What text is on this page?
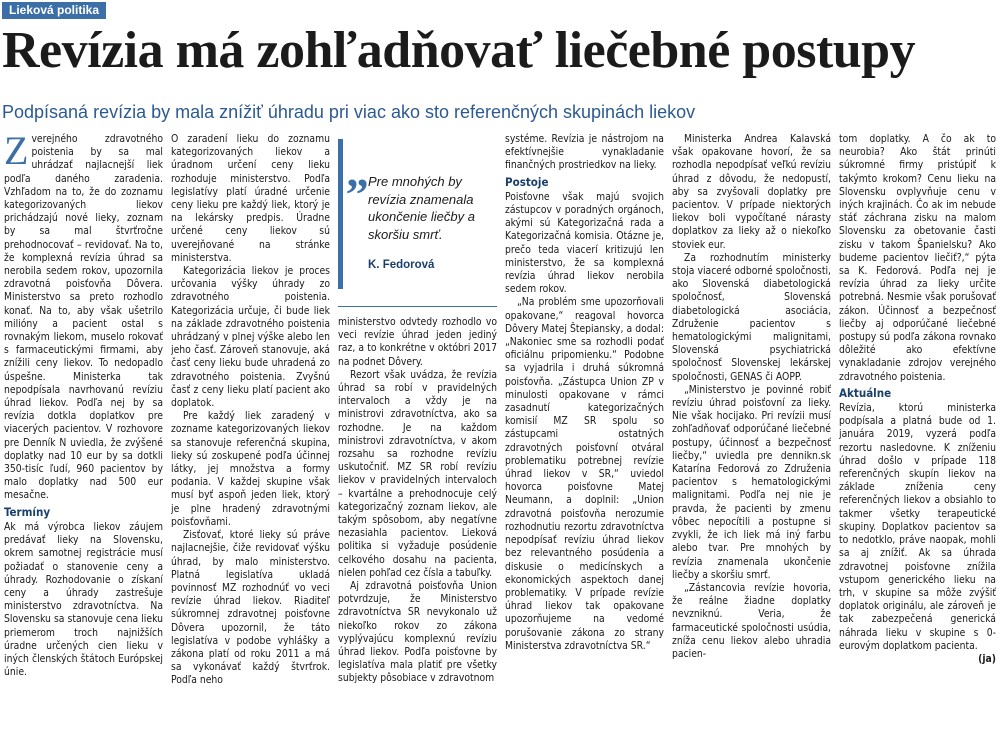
Lieková politika
Revízia má zohľadňovať liečebné postupy
Podpísaná revízia by mala znížiť úhradu pri viac ako sto referenčných skupinách liekov
Z verejného zdravotného poistenia by sa mal uhrádzať najlacnejší liek podľa daného zaradenia. Vzhľadom na to, že do zoznamu kategorizovaných liekov prichádzajú nové lieky, zoznam by sa mal štvrťročne prehodnocovať – revidovať. Na to, že komplexná revízia úhrad sa nerobila sedem rokov, upozornila zdravotná poisťovňa Dôvera. Ministerstvo sa preto rozhodlo konať. Na to, aby však ušetrilo milióny a pacient ostal s rovnakým liekom, muselo rokovať s farmaceutickými firmami, aby znížili ceny liekov. To nedopadlo úspešne. Ministerka tak nepodpísala navrhovanú revíziu úhrad liekov. Podľa nej by sa revízia dotkla doplatkov pre viacerých pacientov. V rozhovore pre Denník N uviedla, že zvýšené doplatky nad 10 eur by sa dotkli 350-tisíc ľudí, 960 pacientov by malo doplatky nad 500 eur mesačne.

Termíny

Ak má výrobca liekov záujem predávať lieky na Slovensku, okrem samotnej registrácie musí požiadať o stanovenie ceny a úhrady. Rozhodovanie o získaní ceny a úhrady zastrešuje ministerstvo zdravotníctva. Na Slovensku sa stanovuje cena lieku priemerom troch najnižších úradne určených cien lieku v iných členských štátoch Európskej únie.

O zaradení lieku do zoznamu kategorizovaných liekov a úradnom určení ceny lieku rozhoduje ministerstvo. Podľa legislatívy platí úradné určenie ceny lieku pre každý liek, ktorý je na lekársky predpis. Úradne určené ceny liekov sú uverejňované na stránke ministerstva.

Kategorizácia liekov je proces určovania výšky úhrady zo zdravotného poistenia. Kategorizácia určuje, či bude liek na základe zdravotného poistenia uhrádzaný v plnej výške alebo len jeho časť. Zároveň stanovuje, aká časť ceny lieku bude uhradená zo zdravotného poistenia. Zvyšnú časť z ceny lieku platí pacient ako doplatok.

Pre každý liek zaradený v zozname kategorizovaných liekov sa stanovuje referenčná skupina, lieky sú zoskupené podľa účinnej látky, jej množstva a formy podania. V každej skupine však musí byť aspoň jeden liek, ktorý je plne hradený zdravotnými poisťovňami.

Zisťovať, ktoré lieky sú práve najlacnejšie, čiže revidovať výšku úhrad, by malo ministerstvo. Platná legislatíva ukladá povinnosť MZ rozhodnúť vo veci revízie úhrad liekov. Riaditeľ súkromnej zdravotnej poisťovne Dôvera upozornil, že táto legislatíva v podobe vyhlášky a zákona platí od roku 2011 a má sa vykonávať každý štvrťrok. Podľa neho

„ Pre mnohých by revízia znamenala ukončenie liečby a skoršiu smrť.
K. Fedorová

ministerstvo odvtedy rozhodlo vo veci revízie úhrad jeden jediný raz, a to konkrétne v októbri 2017 na podnet Dôvery.

Rezort však uvádza, že revízia úhrad sa robí v pravidelných intervaloch a vždy je na ministrovi zdravotníctva, ako sa rozhodne. Je na každom ministrovi zdravotníctva, v akom rozsahu sa rozhodne revíziu uskutočniť. MZ SR robí revíziu liekov v pravidelných intervaloch – kvartálne a prehodnocuje celý kategorizačný zoznam liekov, ale takým spôsobom, aby negatívne nezasiahla pacientov. Lieková politika si vyžaduje posúdenie celkového dosahu na pacienta, nielen pohľad cez čísla a tabuľky.

Aj zdravotná poisťovňa Union potvrdzuje, že Ministerstvo zdravotníctva SR nevykonalo už niekoľko rokov zo zákona vyplývajúcu komplexnú revíziu úhrad liekov. Podľa poisťovne by legislatíva mala platiť pre všetky subjekty pôsobiace v zdravotnom

systéme. Revízia je nástrojom na efektívnejšie vynakladanie finančných prostriedkov na lieky.

Postoje

Poisťovne však majú svojich zástupcov v poradných orgánoch, akými sú Kategorizačná rada a Kategorizačná komisia. Otázne je, prečo teda viacerí kritizujú len ministerstvo, že sa komplexná revízia úhrad liekov nerobila sedem rokov.

„Na problém sme upozorňovali opakovane,“ reagoval hovorca Dôvery Matej Štepiansky, a dodal: „Nakoniec sme sa rozhodli podať oficiálnu pripomienku.“ Podobne sa vyjadrila i druhá súkromná poisťovňa. „Zástupca Union ZP v minulosti opakovane v rámci zasadnutí kategorizačných komisií MZ SR spolu so zástupcami ostatných zdravotných poisťovní otváral problematiku potrebnej revízie úhrad liekov v SR,“ uviedol hovorca poisťovne Matej Neumann, a doplnil: „Union zdravotná poisťovňa nerozumie rozhodnutiu rezortu zdravotníctva nepodpísať revíziu úhrad liekov bez relevantného posúdenia a diskusie o medicínskych a ekonomických aspektoch danej problematiky. V prípade revízie úhrad liekov tak opakovane upozorňujeme na vedomé porušovanie zákona zo strany Ministerstva zdravotníctva SR.“

Ministerka Andrea Kalavská však opakovane hovorí, že sa rozhodla nepodpísať veľkú revíziu úhrad z dôvodu, že nedopustí, aby sa zvyšovali doplatky pre pacientov. V prípade niektorých liekov boli vypočítané nárasty doplatkov za lieky až o niekoľko stoviek eur.

Za rozhodnutím ministerky stoja viaceré odborné spoločnosti, ako Slovenská diabetologická spoločnosť, Slovenská diabetologická asociácia, Združenie pacientov s hematologickými malignitami, Slovenská psychiatrická spoločnosť Slovenskej lekárskej spoločnosti, GENAS či AOPP.

„Ministerstvo je povinné robiť revíziu úhrad poisťovní za lieky. Nie však hocijako. Pri revízii musí zohľadňovať odporúčané liečebné postupy, účinnosť a bezpečnosť liečby,“ uviedla pre dennikn.sk Katarína Fedorová zo Združenia pacientov s hematologickými malignitami. Podľa nej nie je pravda, že pacienti by zmenu vôbec nepocítili a postupne si zvykli, že ich liek má iný farbu alebo tvar. Pre mnohých by revízia znamenala ukončenie liečby a skoršiu smrť.

„Zástancovia revízie hovoria, že reálne žiadne doplatky nevzniknú. Veria, že farmaceutické spoločnosti usúdia, zníža cenu liekov alebo uhradia pacien-

tom doplatky. A čo ak to neurobia? Ako štát prinúti súkromné firmy pristúpiť k takýmto krokom? Cenu lieku na Slovensku ovplyvňuje cenu v iných krajinách. Čo ak im nebude stáť záchrana zisku na malom Slovensku za obetovanie časti zisku v takom Španielsku? Ako budeme pacientov liečiť?,“ pýta sa K. Fedorová. Podľa nej je revízia úhrad za lieky určite potrebná. Nesmie však porušovať zákon. Účinnosť a bezpečnosť liečby aj odporúčané liečebné postupy sú podľa zákona rovnako dôležité ako efektívne vynakladanie zdrojov verejného zdravotného poistenia.

Aktuálne

Revízia, ktorú ministerka podpísala a platná bude od 1. januára 2019, vyzerá podľa rezortu nasledovne. K zníženiu úhrad došlo v prípade 118 referenčných skupín liekov na základe zníženia ceny referenčných liekov a obsiahlo to takmer všetky terapeutické skupiny. Doplatkov pacientov sa to nedotklo, práve naopak, mohli sa aj znížiť. Ak sa úhrada zdravotnej poisťovne znížila vstupom generického lieku na trh, v skupine sa môže zvýšiť doplatok originálu, ale zároveň je tak zabezpečená generická náhrada lieku v skupine s 0-eurovým doplatkom pacienta.

(ja)
